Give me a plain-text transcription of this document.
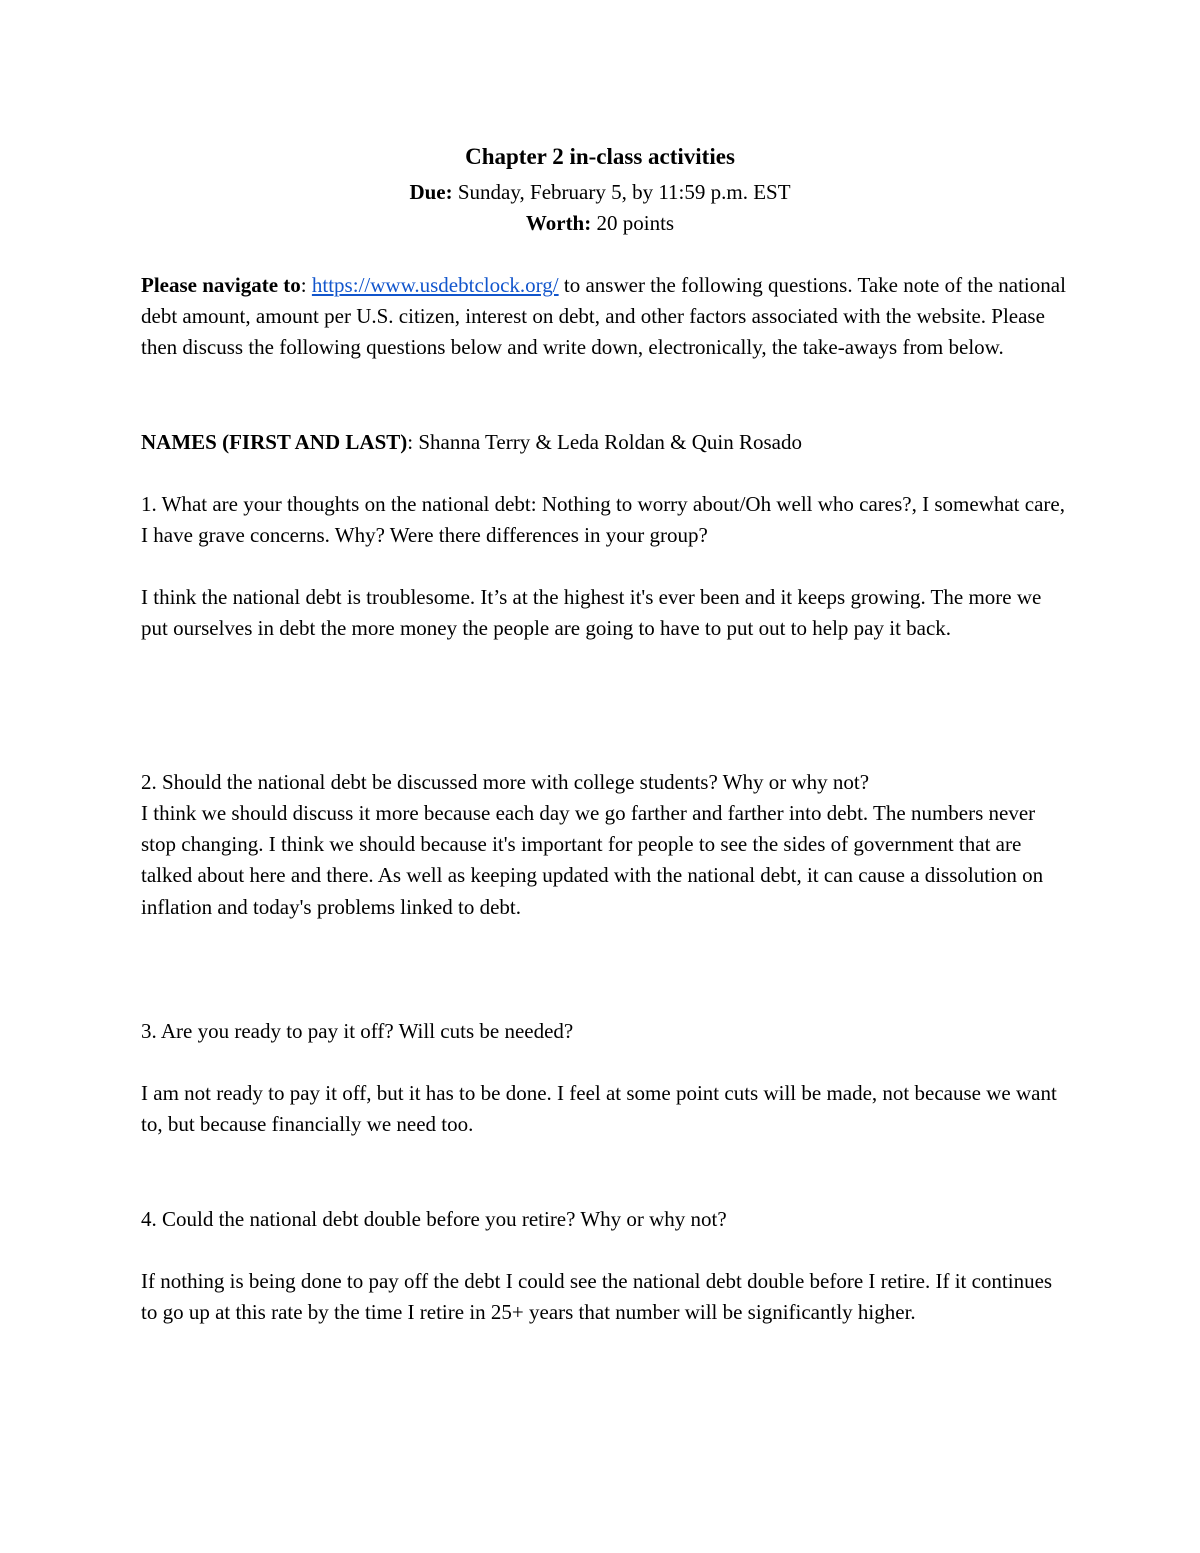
Chapter 2 in-class activities
Due: Sunday, February 5, by 11:59 p.m. EST
Worth: 20 points

Please navigate to: https://www.usdebtclock.org/ to answer the following questions. Take note of the national debt amount, amount per U.S. citizen, interest on debt, and other factors associated with the website. Please then discuss the following questions below and write down, electronically, the take-aways from below.

NAMES (FIRST AND LAST): Shanna Terry & Leda Roldan & Quin Rosado

1. What are your thoughts on the national debt: Nothing to worry about/Oh well who cares?, I somewhat care, I have grave concerns. Why? Were there differences in your group?

I think the national debt is troublesome. It’s at the highest it's ever been and it keeps growing. The more we put ourselves in debt the more money the people are going to have to put out to help pay it back.

2. Should the national debt be discussed more with college students? Why or why not?

I think we should discuss it more because each day we go farther and farther into debt. The numbers never stop changing. I think we should because it's important for people to see the sides of government that are talked about here and there. As well as keeping updated with the national debt, it can cause a dissolution on inflation and today's problems linked to debt.

3. Are you ready to pay it off? Will cuts be needed?

I am not ready to pay it off, but it has to be done. I feel at some point cuts will be made, not because we want to, but because financially we need too.

4. Could the national debt double before you retire? Why or why not?

If nothing is being done to pay off the debt I could see the national debt double before I retire. If it continues to go up at this rate by the time I retire in 25+ years that number will be significantly higher.
